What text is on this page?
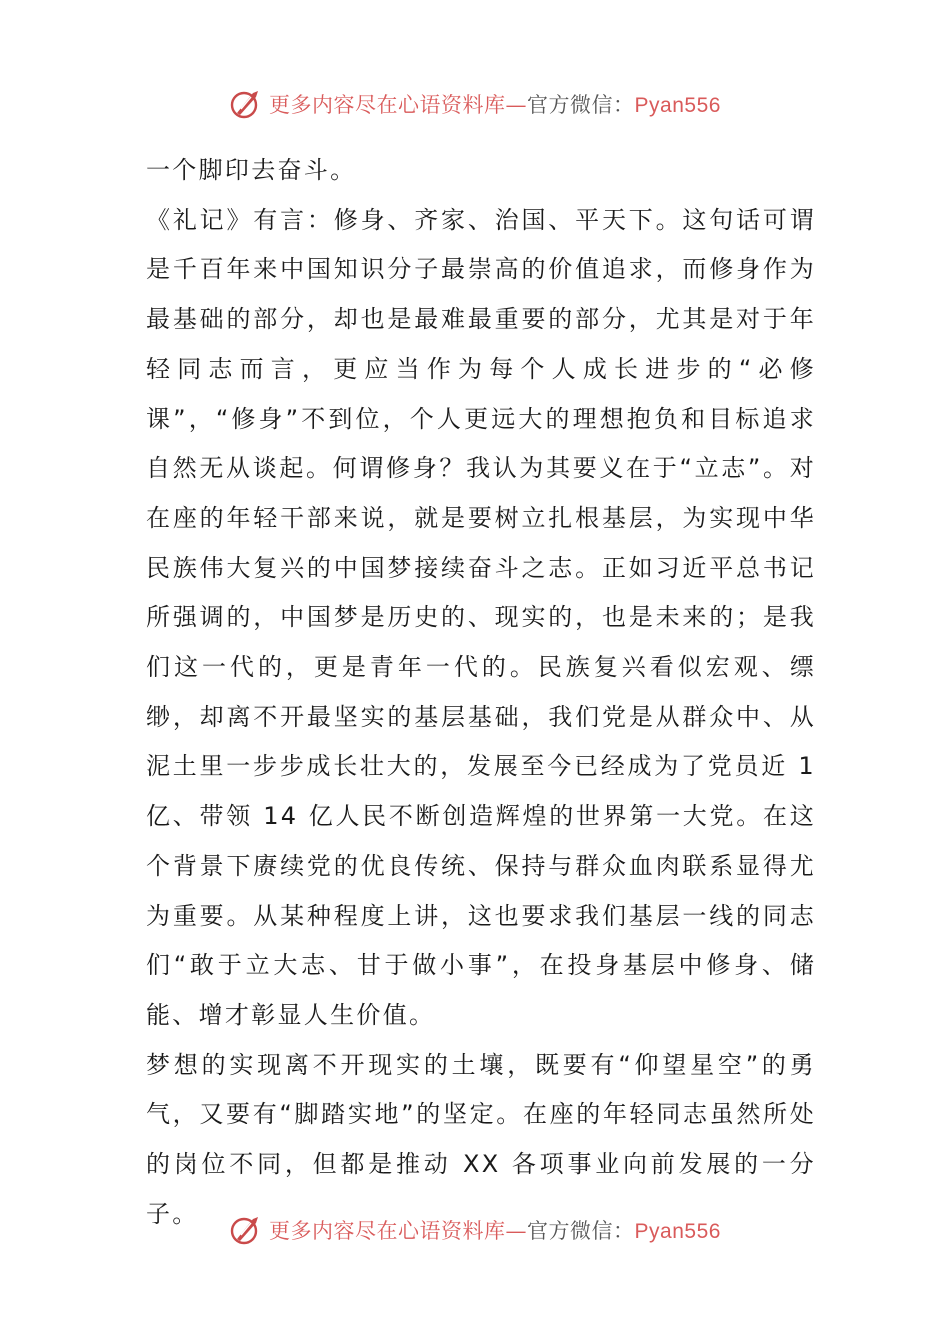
更多内容尽在心语资料库—官方微信：Pyan556

一个脚印去奋斗。

《礼记》有言：修身、齐家、治国、平天下。这句话可谓是千百年来中国知识分子最崇高的价值追求，而修身作为最基础的部分，却也是最难最重要的部分，尤其是对于年轻同志而言，更应当作为每个人成长进步的“必修课”，“修身”不到位，个人更远大的理想抱负和目标追求自然无从谈起。何谓修身？我认为其要义在于“立志”。对在座的年轻干部来说，就是要树立扎根基层，为实现中华民族伟大复兴的中国梦接续奋斗之志。正如习近平总书记所强调的，中国梦是历史的、现实的，也是未来的；是我们这一代的，更是青年一代的。民族复兴看似宏观、缥缈，却离不开最坚实的基层基础，我们党是从群众中、从泥土里一步步成长壮大的，发展至今已经成为了党员近 1 亿、带领 14 亿人民不断创造辉煌的世界第一大党。在这个背景下赓续党的优良传统、保持与群众血肉联系显得尤为重要。从某种程度上讲，这也要求我们基层一线的同志们“敢于立大志、甘于做小事”，在投身基层中修身、储能、增才彰显人生价值。

梦想的实现离不开现实的土壤，既要有“仰望星空”的勇气，又要有“脚踏实地”的坚定。在座的年轻同志虽然所处的岗位不同，但都是推动 XX 各项事业向前发展的一分子。

更多内容尽在心语资料库—官方微信：Pyan556
